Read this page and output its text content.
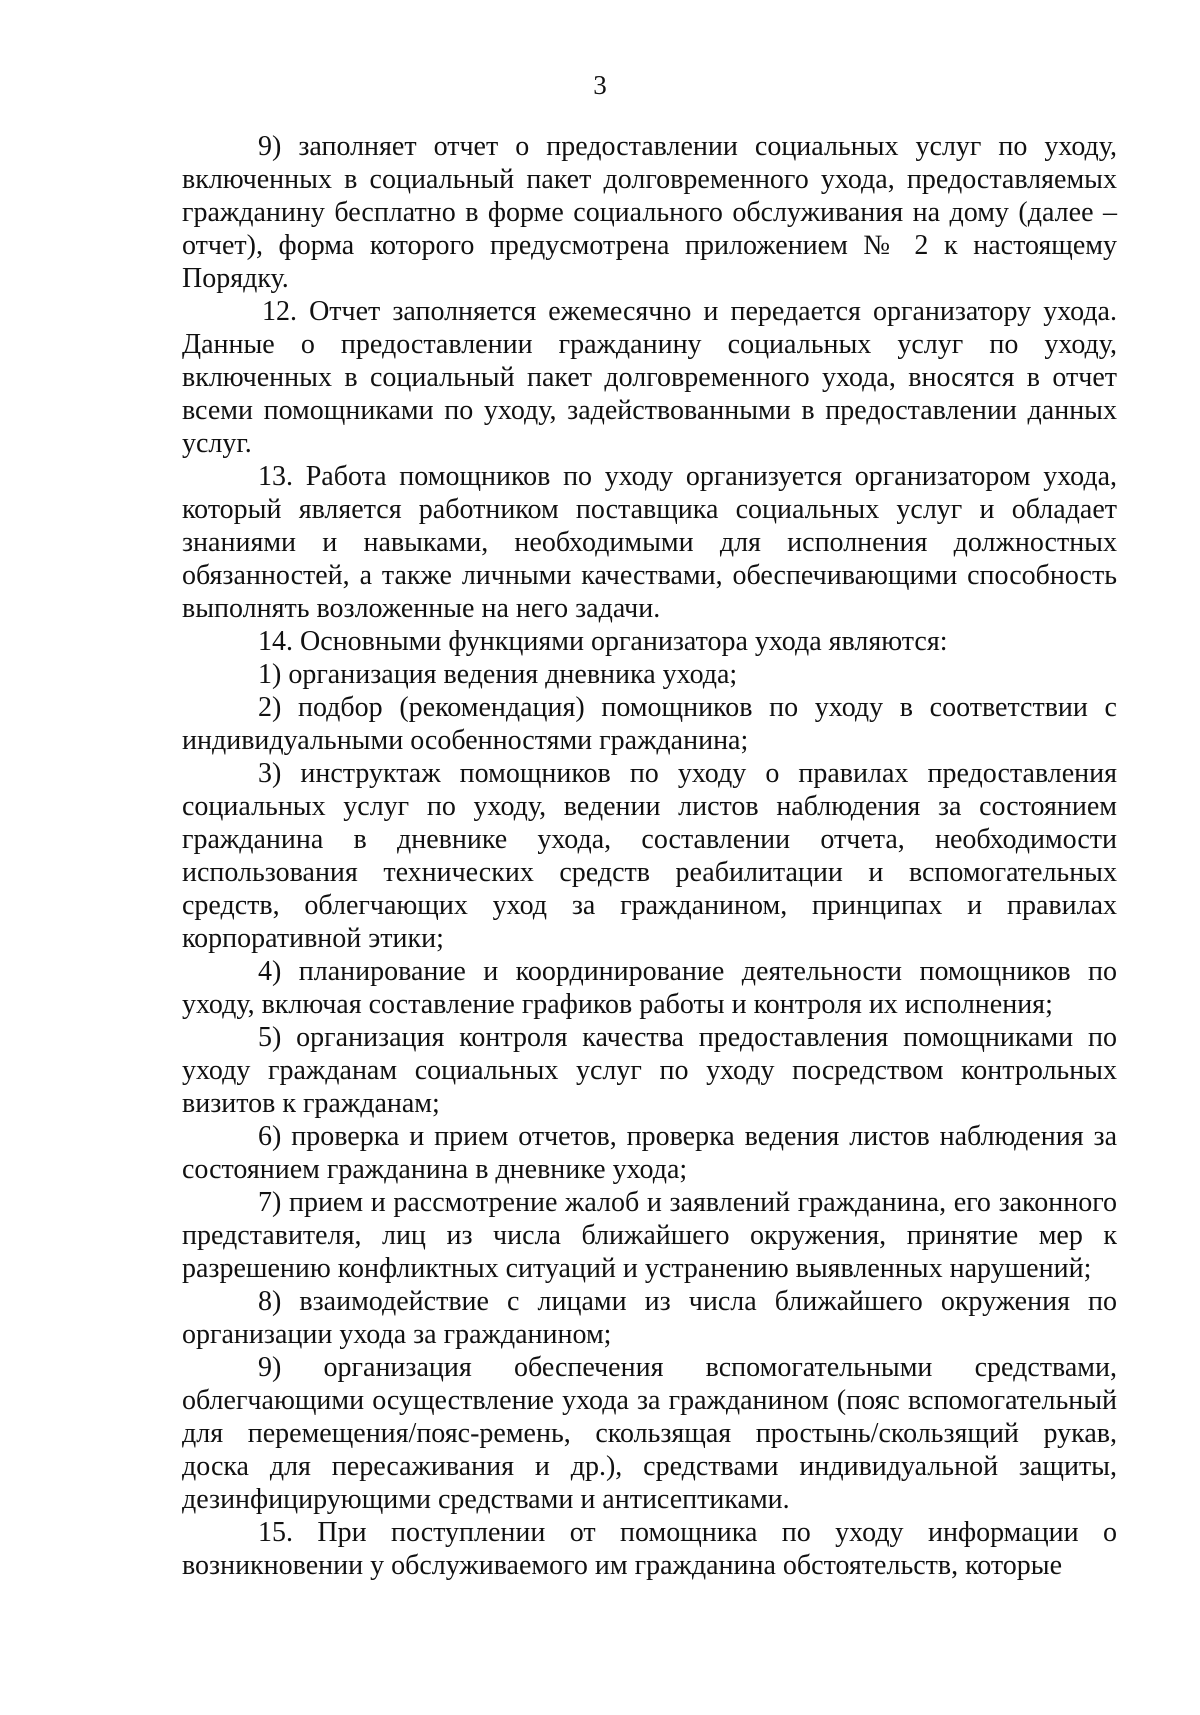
3

9) заполняет отчет о предоставлении социальных услуг по уходу, включенных в социальный пакет долговременного ухода, предоставляемых гражданину бесплатно в форме социального обслуживания на дому (далее – отчет), форма которого предусмотрена приложением № 2 к настоящему Порядку.

12. Отчет заполняется ежемесячно и передается организатору ухода. Данные о предоставлении гражданину социальных услуг по уходу, включенных в социальный пакет долговременного ухода, вносятся в отчет всеми помощниками по уходу, задействованными в предоставлении данных услуг.

13. Работа помощников по уходу организуется организатором ухода, который является работником поставщика социальных услуг и обладает знаниями и навыками, необходимыми для исполнения должностных обязанностей, а также личными качествами, обеспечивающими способность выполнять возложенные на него задачи.

14. Основными функциями организатора ухода являются:

1) организация ведения дневника ухода;

2) подбор (рекомендация) помощников по уходу в соответствии с индивидуальными особенностями гражданина;

3) инструктаж помощников по уходу о правилах предоставления социальных услуг по уходу, ведении листов наблюдения за состоянием гражданина в дневнике ухода, составлении отчета, необходимости использования технических средств реабилитации и вспомогательных средств, облегчающих уход за гражданином, принципах и правилах корпоративной этики;

4) планирование и координирование деятельности помощников по уходу, включая составление графиков работы и контроля их исполнения;

5) организация контроля качества предоставления помощниками по уходу гражданам социальных услуг по уходу посредством контрольных визитов к гражданам;

6) проверка и прием отчетов, проверка ведения листов наблюдения за состоянием гражданина в дневнике ухода;

7) прием и рассмотрение жалоб и заявлений гражданина, его законного представителя, лиц из числа ближайшего окружения, принятие мер к разрешению конфликтных ситуаций и устранению выявленных нарушений;

8) взаимодействие с лицами из числа ближайшего окружения по организации ухода за гражданином;

9) организация обеспечения вспомогательными средствами, облегчающими осуществление ухода за гражданином (пояс вспомогательный для перемещения/пояс-ремень, скользящая простынь/скользящий рукав, доска для пересаживания и др.), средствами индивидуальной защиты, дезинфицирующими средствами и антисептиками.

15. При поступлении от помощника по уходу информации о возникновении у обслуживаемого им гражданина обстоятельств, которые
